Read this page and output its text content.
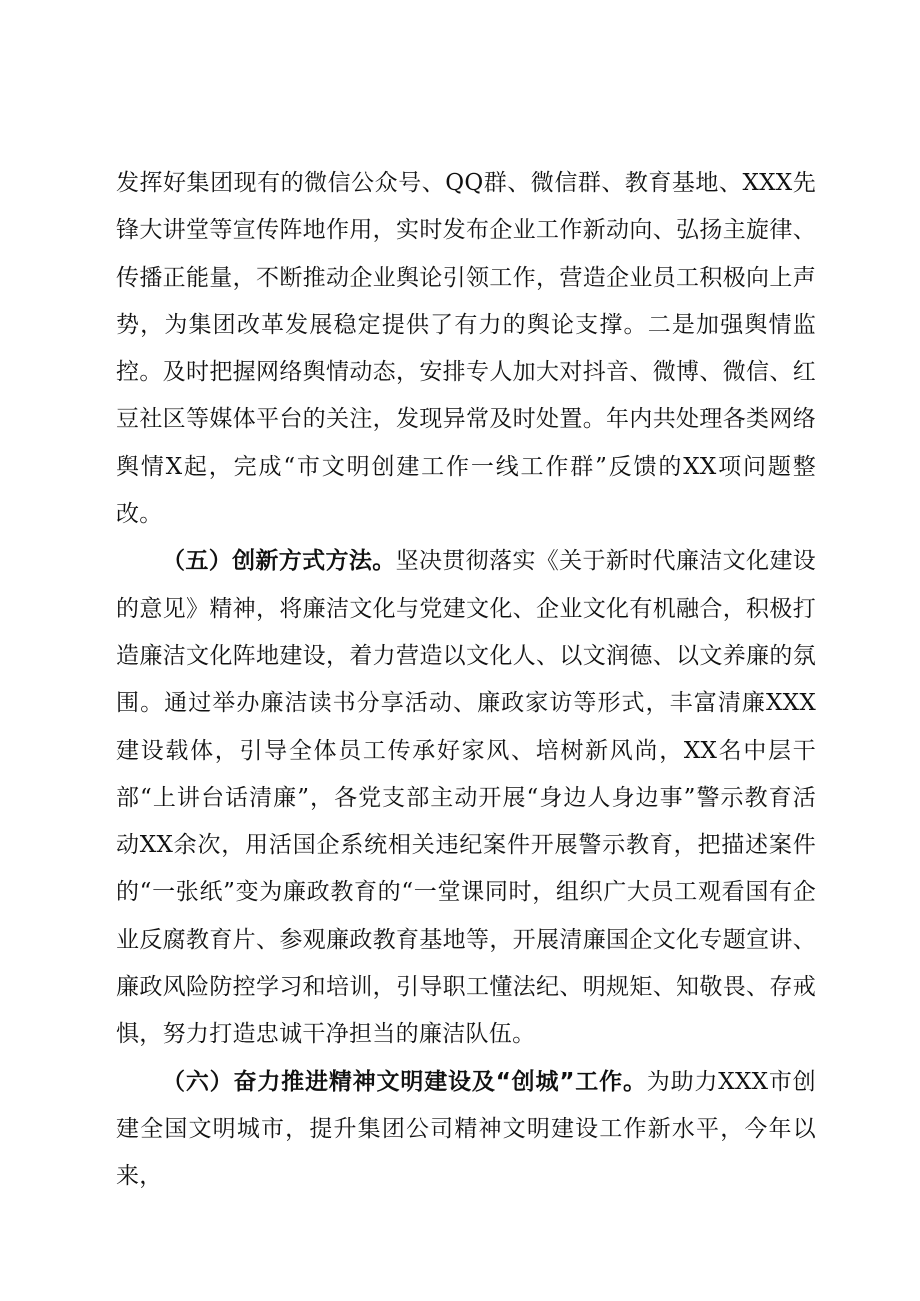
发挥好集团现有的微信公众号、QQ群、微信群、教育基地、XXX先锋大讲堂等宣传阵地作用，实时发布企业工作新动向、弘扬主旋律、传播正能量，不断推动企业舆论引领工作，营造企业员工积极向上声势，为集团改革发展稳定提供了有力的舆论支撑。二是加强舆情监控。及时把握网络舆情动态，安排专人加大对抖音、微博、微信、红豆社区等媒体平台的关注，发现异常及时处置。年内共处理各类网络舆情X起，完成“市文明创建工作一线工作群”反馈的XX项问题整改。

（五）创新方式方法。坚决贯彻落实《关于新时代廉洁文化建设的意见》精神，将廉洁文化与党建文化、企业文化有机融合，积极打造廉洁文化阵地建设，着力营造以文化人、以文润德、以文养廉的氛围。通过举办廉洁读书分享活动、廉政家访等形式，丰富清廉XXX建设载体，引导全体员工传承好家风、培树新风尚，XX名中层干部“上讲台话清廉”，各党支部主动开展“身边人身边事”警示教育活动XX余次，用活国企系统相关违纪案件开展警示教育，把描述案件的“一张纸”变为廉政教育的“一堂课同时，组织广大员工观看国有企业反腐教育片、参观廉政教育基地等，开展清廉国企文化专题宣讲、廉政风险防控学习和培训，引导职工懂法纪、明规矩、知敬畏、存戒惧，努力打造忠诚干净担当的廉洁队伍。

（六）奋力推进精神文明建设及“创城”工作。为助力XXX市创建全国文明城市，提升集团公司精神文明建设工作新水平，今年以来，
